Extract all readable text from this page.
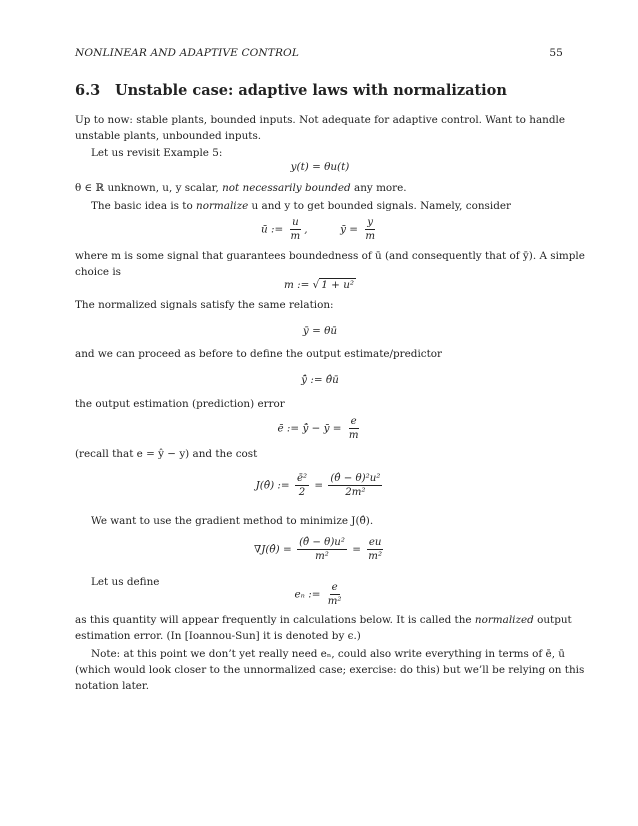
NONLINEAR AND ADAPTIVE CONTROL	55
6.3 Unstable case: adaptive laws with normalization
Up to now: stable plants, bounded inputs. Not adequate for adaptive control. Want to handle
unstable plants, unbounded inputs.
Let us revisit Example 5:
y(t) = θu(t)
θ ∈ ℝ unknown, u, y scalar, not necessarily bounded any more.
The basic idea is to normalize u and y to get bounded signals. Namely, consider
ū := $\frac{u}{m}$ ,	ȳ = $\frac{y}{m}$
where m is some signal that guarantees boundedness of ū (and consequently that of ȳ). A simple
choice is
m := √ 1 + u²
The normalized signals satisfy the same relation:
ȳ = θū
and we can proceed as before to define the output estimate/predictor
ŷ̄ := θ̂ū
the output estimation (prediction) error
ē := ŷ̄ − ȳ = $\frac{e}{m}$
(recall that e = ŷ − y) and the cost
J(θ̂) := $\frac{\text{ē²}}{2} = \frac{\text{(θ̂ − θ)²u²}}{\text{2m²}}$
We want to use the gradient method to minimize J(θ̂).
∇J(θ̂) = $\frac{\text{(θ̂ − θ)u²}}{\text{m²}} = \frac{eu}{\text{m²}}$
Let us define
eₙ := $\frac{e}{\text{m²}}$
as this quantity will appear frequently in calculations below. It is called the normalized output
estimation error. (In [Ioannou-Sun] it is denoted by ϵ.)
Note: at this point we don’t yet really need eₙ, could also write everything in terms of ē, ū
(which would look closer to the unnormalized case; exercise: do this) but we’ll be relying on this
notation later.
